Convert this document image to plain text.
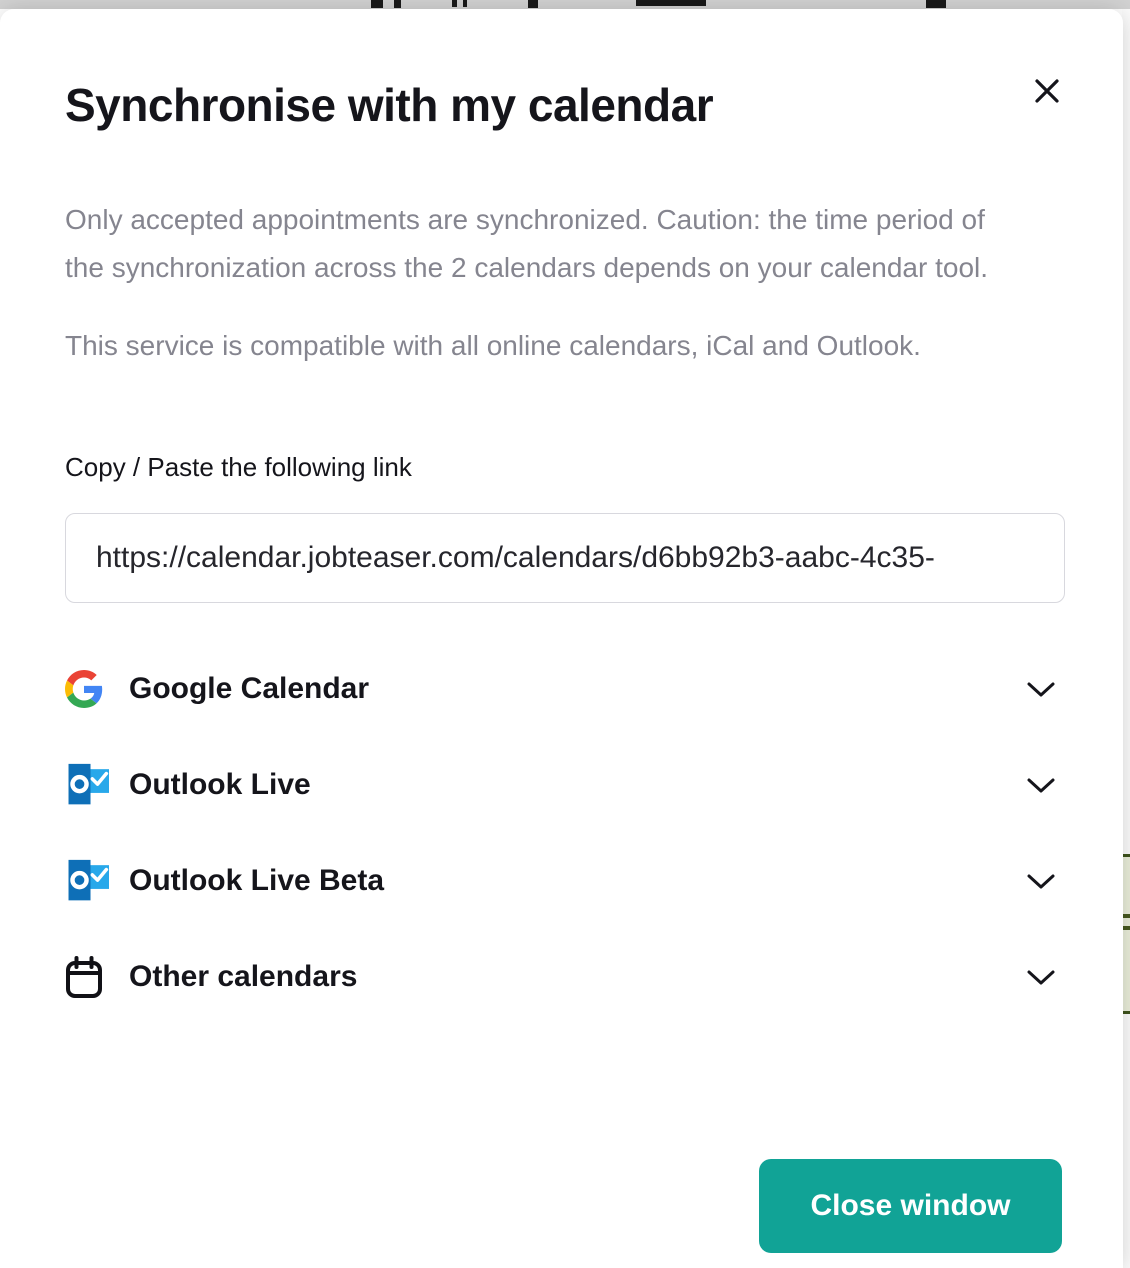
Synchronise with my calendar

Only accepted appointments are synchronized. Caution: the time period of the synchronization across the 2 calendars depends on your calendar tool.

This service is compatible with all online calendars, iCal and Outlook.

Copy / Paste the following link
https://calendar.jobteaser.com/calendars/d6bb92b3-aabc-4c35-
Google Calendar
Outlook Live
Outlook Live Beta
Other calendars
Close window
